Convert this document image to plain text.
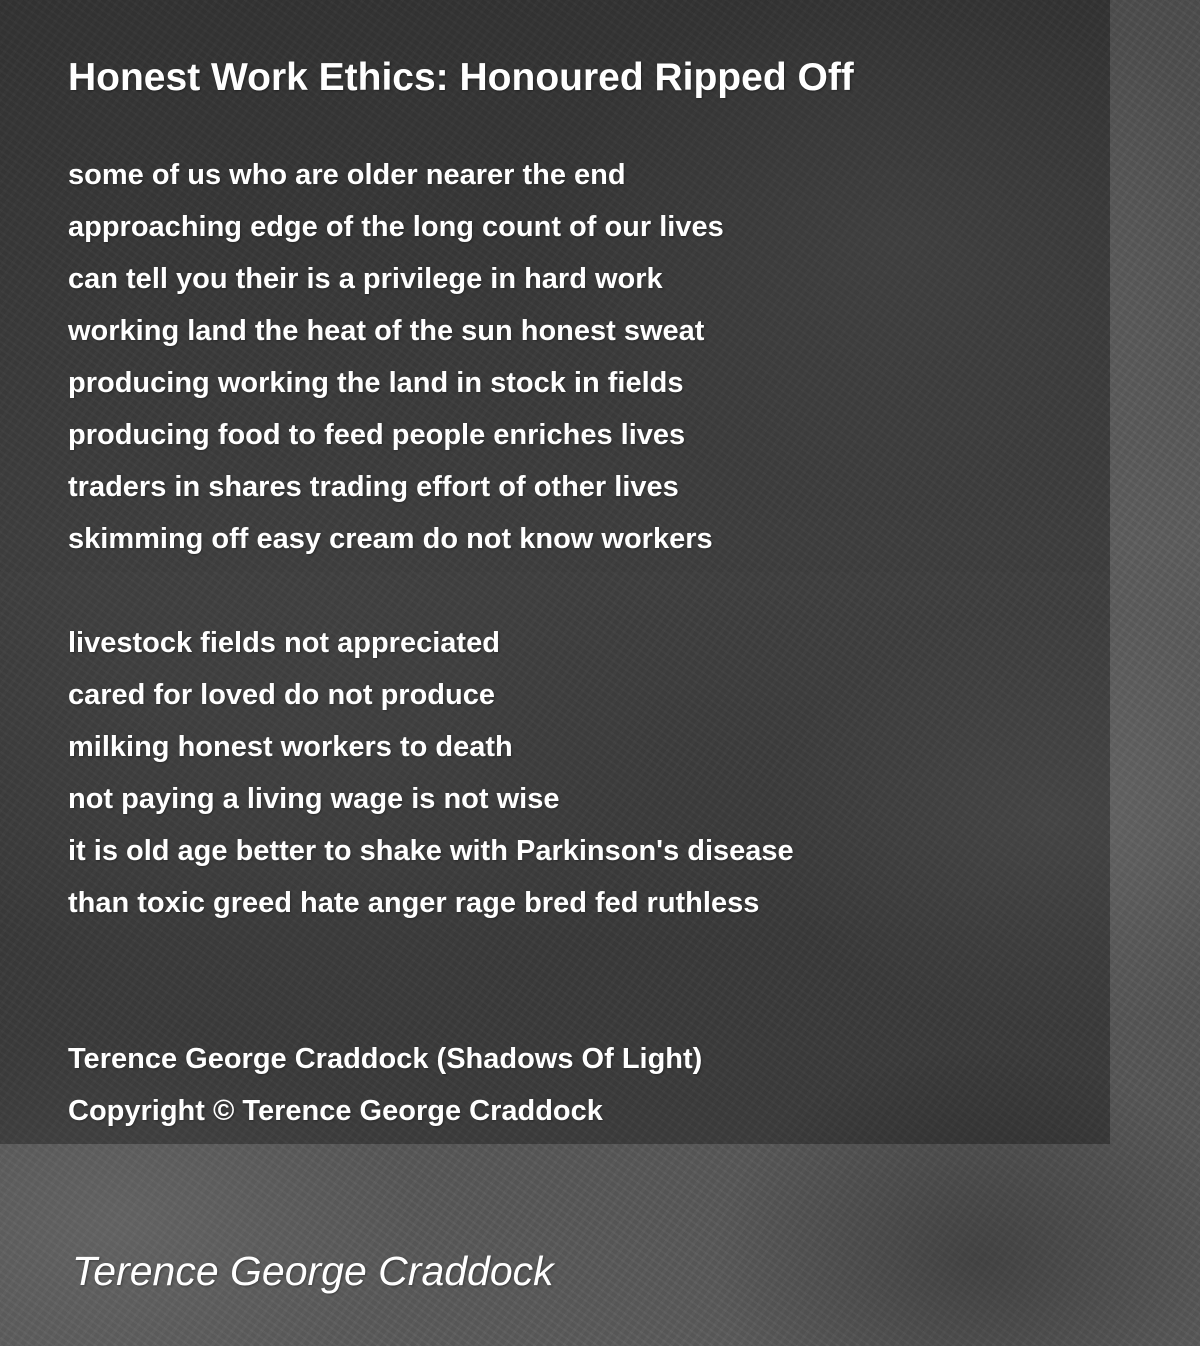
Honest Work Ethics: Honoured Ripped Off
some of us who are older nearer the end
approaching edge of the long count of our lives
can tell you their is a privilege in hard work
working land the heat of the sun honest sweat
producing working the land in stock in fields
producing food to feed people enriches lives
traders in shares trading effort of other lives
skimming off easy cream do not know workers
livestock fields not appreciated
cared for loved do not produce
milking honest workers to death
not paying a living wage is not wise
it is old age better to shake with Parkinson's disease
than toxic greed hate anger rage bred fed ruthless
Terence George Craddock (Shadows Of Light)
Copyright © Terence George Craddock

Terence George Craddock
